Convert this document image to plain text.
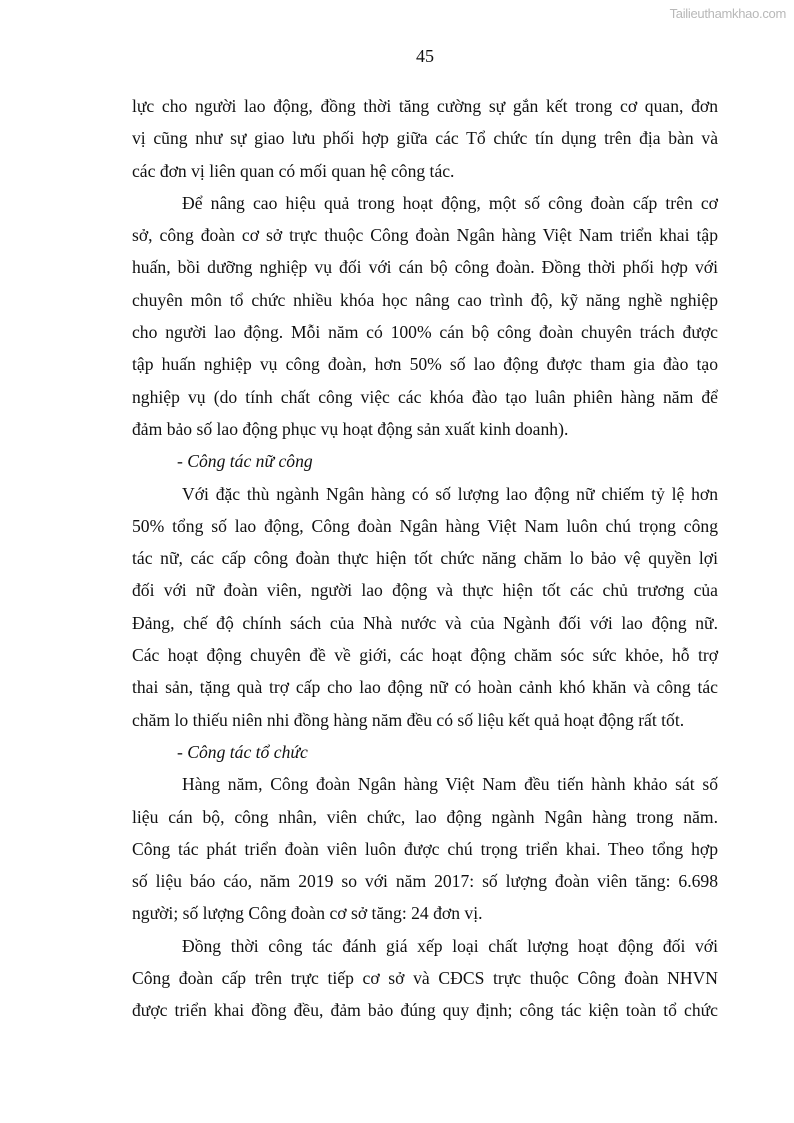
Tailieuthamkhao.com
45
lực cho người lao động, đồng thời tăng cường sự gắn kết trong cơ quan, đơn
vị cũng như sự giao lưu phối hợp giữa các Tổ chức tín dụng trên địa bàn và
các đơn vị liên quan có mối quan hệ công tác.
Để nâng cao hiệu quả trong hoạt động, một số công đoàn cấp trên cơ
sở, công đoàn cơ sở trực thuộc Công đoàn Ngân hàng Việt Nam triển khai tập
huấn, bồi dưỡng nghiệp vụ đối với cán bộ công đoàn. Đồng thời phối hợp với
chuyên môn tổ chức nhiều khóa học nâng cao trình độ, kỹ năng nghề nghiệp
cho người lao động. Mỗi năm có 100% cán bộ công đoàn chuyên trách được
tập huấn nghiệp vụ công đoàn, hơn 50% số lao động được tham gia đào tạo
nghiệp vụ (do tính chất công việc các khóa đào tạo luân phiên hàng năm để
đảm bảo số lao động phục vụ hoạt động sản xuất kinh doanh).
- Công tác nữ công
Với đặc thù ngành Ngân hàng có số lượng lao động nữ chiếm tỷ lệ hơn
50% tổng số lao động, Công đoàn Ngân hàng Việt Nam luôn chú trọng công
tác nữ, các cấp công đoàn thực hiện tốt chức năng chăm lo bảo vệ quyền lợi
đối với nữ đoàn viên, người lao động và thực hiện tốt các chủ trương của
Đảng, chế độ chính sách của Nhà nước và của Ngành đối với lao động nữ.
Các hoạt động chuyên đề về giới, các hoạt động chăm sóc sức khỏe, hỗ trợ
thai sản, tặng quà trợ cấp cho lao động nữ có hoàn cảnh khó khăn và công tác
chăm lo thiếu niên nhi đồng hàng năm đều có số liệu kết quả hoạt động rất tốt.
- Công tác tổ chức
Hàng năm, Công đoàn Ngân hàng Việt Nam đều tiến hành khảo sát số
liệu cán bộ, công nhân, viên chức, lao động ngành Ngân hàng trong năm.
Công tác phát triển đoàn viên luôn được chú trọng triển khai. Theo tổng hợp
số liệu báo cáo, năm 2019 so với năm 2017: số lượng đoàn viên tăng: 6.698
người; số lượng Công đoàn cơ sở tăng: 24 đơn vị.
Đồng thời công tác đánh giá xếp loại chất lượng hoạt động đối với
Công đoàn cấp trên trực tiếp cơ sở và CĐCS trực thuộc Công đoàn NHVN
được triển khai đồng đều, đảm bảo đúng quy định; công tác kiện toàn tổ chức
